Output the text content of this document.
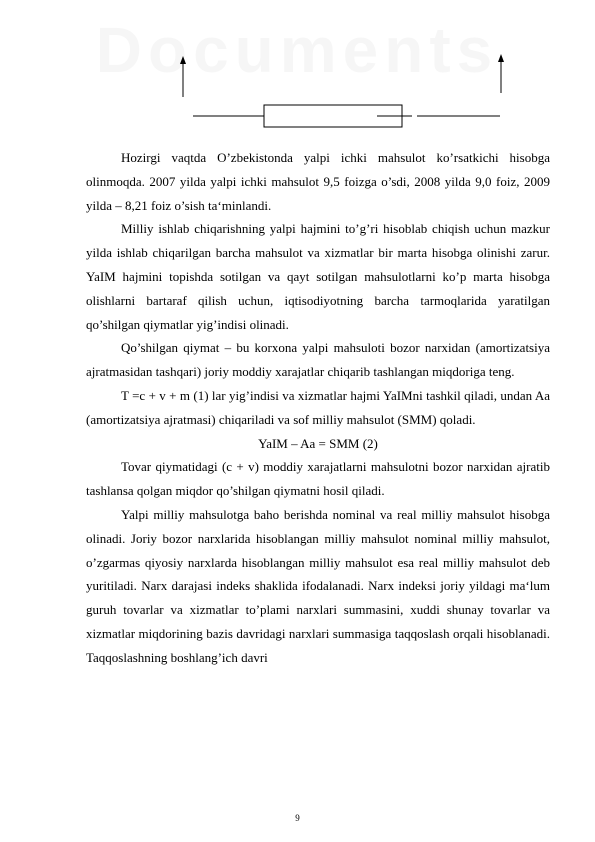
Documents

Hozirgi vaqtda O’zbekistonda yalpi ichki mahsulot ko’rsatkichi hisobga olinmoqda. 2007 yilda yalpi ichki mahsulot 9,5 foizga o’sdi, 2008 yilda 9,0 foiz, 2009 yilda – 8,21 foiz o’sish ta‘minlandi.

Milliy ishlab chiqarishning yalpi hajmini to’g’ri hisoblab chiqish uchun mazkur yilda ishlab chiqarilgan barcha mahsulot va xizmatlar bir marta hisobga olinishi zarur. YaIM hajmini topishda sotilgan va qayt sotilgan mahsulotlarni ko’p marta hisobga olishlarni bartaraf qilish uchun, iqtisodiyotning barcha tarmoqlarida yaratilgan qo’shilgan qiymatlar yig’indisi olinadi.

Qo’shilgan qiymat – bu korxona yalpi mahsuloti bozor narxidan (amortizatsiya ajratmasidan tashqari) joriy moddiy xarajatlar chiqarib tashlangan miqdoriga teng.

T =c + v + m (1) lar yig’indisi va xizmatlar hajmi YaIMni tashkil qiladi, undan Aa (amortizatsiya ajratmasi) chiqariladi va sof milliy mahsulot (SMM) qoladi.

YaIM – Aa = SMM (2)

Tovar qiymatidagi (c + v) moddiy xarajatlarni mahsulotni bozor narxidan ajratib tashlansa qolgan miqdor qo’shilgan qiymatni hosil qiladi.

Yalpi milliy mahsulotga baho berishda nominal va real milliy mahsulot hisobga olinadi. Joriy bozor narxlarida hisoblangan milliy mahsulot nominal milliy mahsulot, o’zgarmas qiyosiy narxlarda hisoblangan milliy mahsulot esa real milliy mahsulot deb yuritiladi. Narx darajasi indeks shaklida ifodalanadi. Narx indeksi joriy yildagi ma‘lum guruh tovarlar va xizmatlar to’plami narxlari summasini, xuddi shunay tovarlar va xizmatlar miqdorining bazis davridagi narxlari summasiga taqqoslash orqali hisoblanadi. Taqqoslashning boshlang’ich davri

9
